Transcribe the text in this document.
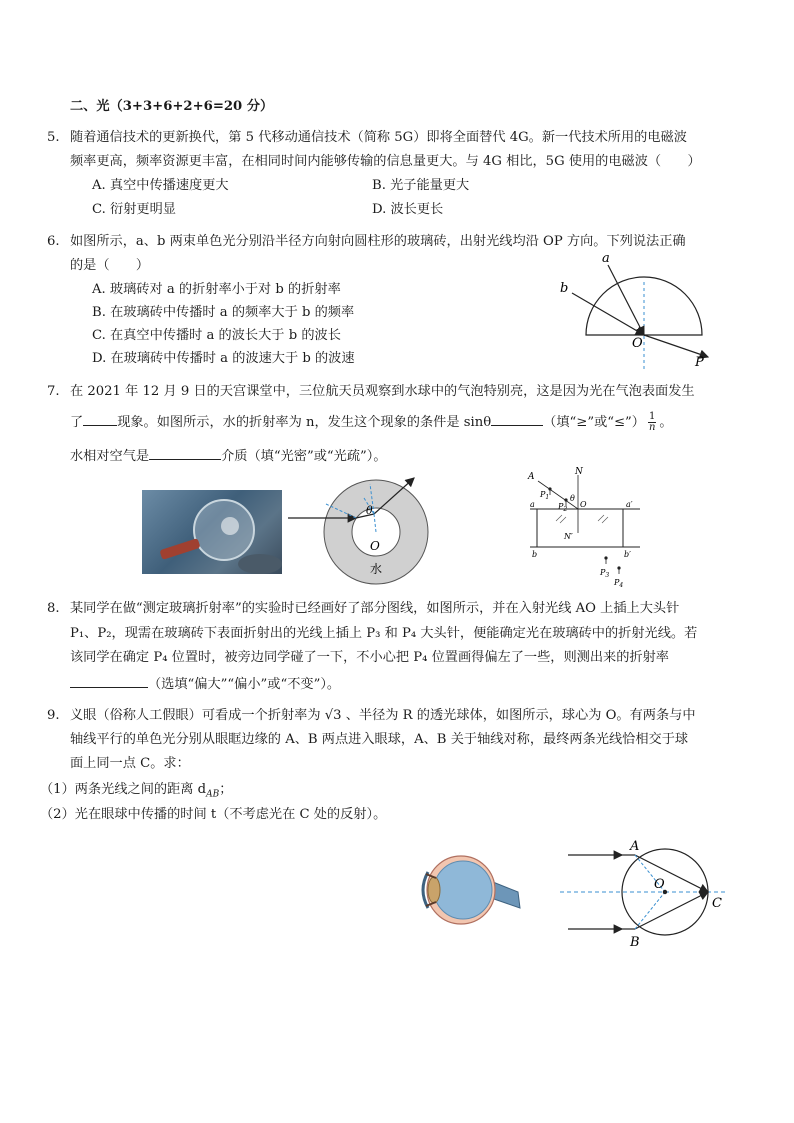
二、光（3+3+6+2+6=20 分）
5. 随着通信技术的更新换代，第 5 代移动通信技术（简称 5G）即将全面替代 4G。新一代技术所用的电磁波
频率更高，频率资源更丰富，在相同时间内能够传输的信息量更大。与 4G 相比，5G 使用的电磁波（　　）
A. 真空中传播速度更大	B. 光子能量更大
C. 衍射更明显	D. 波长更长
6. 如图所示，a、b 两束单色光分别沿半径方向射向圆柱形的玻璃砖，出射光线均沿 OP 方向。下列说法正确
的是（　　）
A. 玻璃砖对 a 的折射率小于对 b 的折射率
B. 在玻璃砖中传播时 a 的频率大于 b 的频率
C. 在真空中传播时 a 的波长大于 b 的波长
D. 在玻璃砖中传播时 a 的波速大于 b 的波速
a
b
O
P
7. 在 2021 年 12 月 9 日的天宫课堂中，三位航天员观察到水球中的气泡特别亮，这是因为光在气泡表面发生
了	现象。如图所示，水的折射率为 n，发生这个现象的条件是 sinθ	（填“≥”或“≤”） $\frac{1}{n}$ 。
水相对空气是	介质（填“光密”或“光疏”）。
θ
O
水
A	N
$P_1$
$P_2$
θ
O
a	a′
N′
b	b′
$P_3$
$P_4$
8. 某同学在做“测定玻璃折射率”的实验时已经画好了部分图线，如图所示，并在入射光线 AO 上插上大头针
P₁、P₂，现需在玻璃砖下表面折射出的光线上插上 P₃ 和 P₄ 大头针，便能确定光在玻璃砖中的折射光线。若
该同学在确定 P₄ 位置时，被旁边同学碰了一下，不小心把 P₄ 位置画得偏左了一些，则测出来的折射率
（选填“偏大”“偏小”或“不变”）。
9. 义眼（俗称人工假眼）可看成一个折射率为 √3 、半径为 R 的透光球体，如图所示，球心为 O。有两条与中
轴线平行的单色光分别从眼眶边缘的 A、B 两点进入眼球，A、B 关于轴线对称，最终两条光线恰相交于球
面上同一点 C。求：
（1）两条光线之间的距离 $d_{AB}$；
（2）光在眼球中传播的时间 t（不考虑光在 C 处的反射）。
A
B
O
C
